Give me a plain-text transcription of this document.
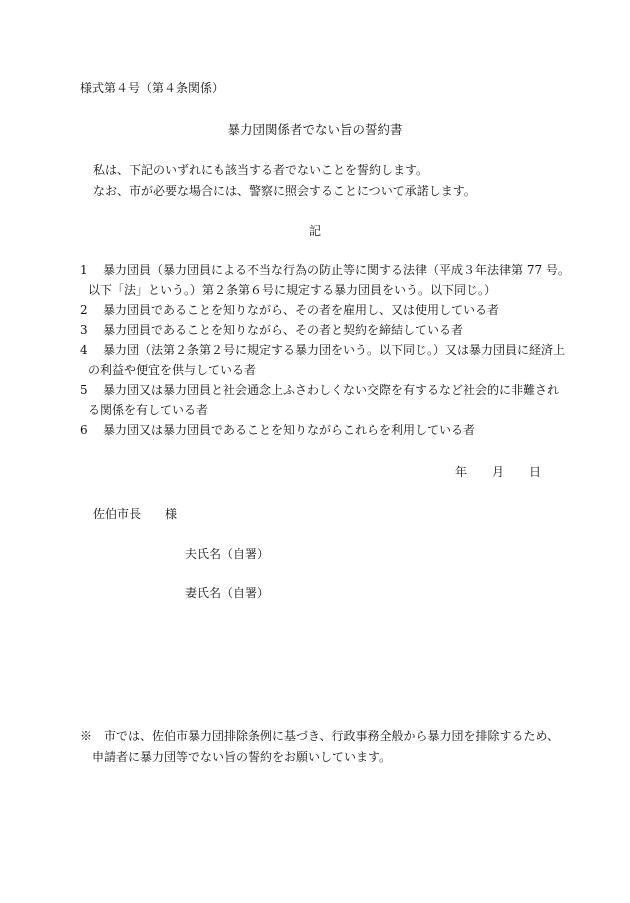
様式第４号（第４条関係）
暴力団関係者でない旨の誓約書
私は、下記のいずれにも該当する者でないことを誓約します。
なお、市が必要な場合には、警察に照会することについて承諾します。
記
1 暴力団員（暴力団員による不当な行為の防止等に関する法律（平成３年法律第 77 号。
以下「法」という。）第２条第６号に規定する暴力団員をいう。以下同じ。）
2 暴力団員であることを知りながら、その者を雇用し、又は使用している者
3 暴力団員であることを知りながら、その者と契約を締結している者
4 暴力団（法第２条第２号に規定する暴力団をいう。以下同じ。）又は暴力団員に経済上
の利益や便宜を供与している者
5 暴力団又は暴力団員と社会通念上ふさわしくない交際を有するなど社会的に非難され
る関係を有している者
6 暴力団又は暴力団員であることを知りながらこれらを利用している者
年 月 日
佐伯市長　　様
夫氏名（自署）
妻氏名（自署）
※　市では、佐伯市暴力団排除条例に基づき、行政事務全般から暴力団を排除するため、
申請者に暴力団等でない旨の誓約をお願いしています。
